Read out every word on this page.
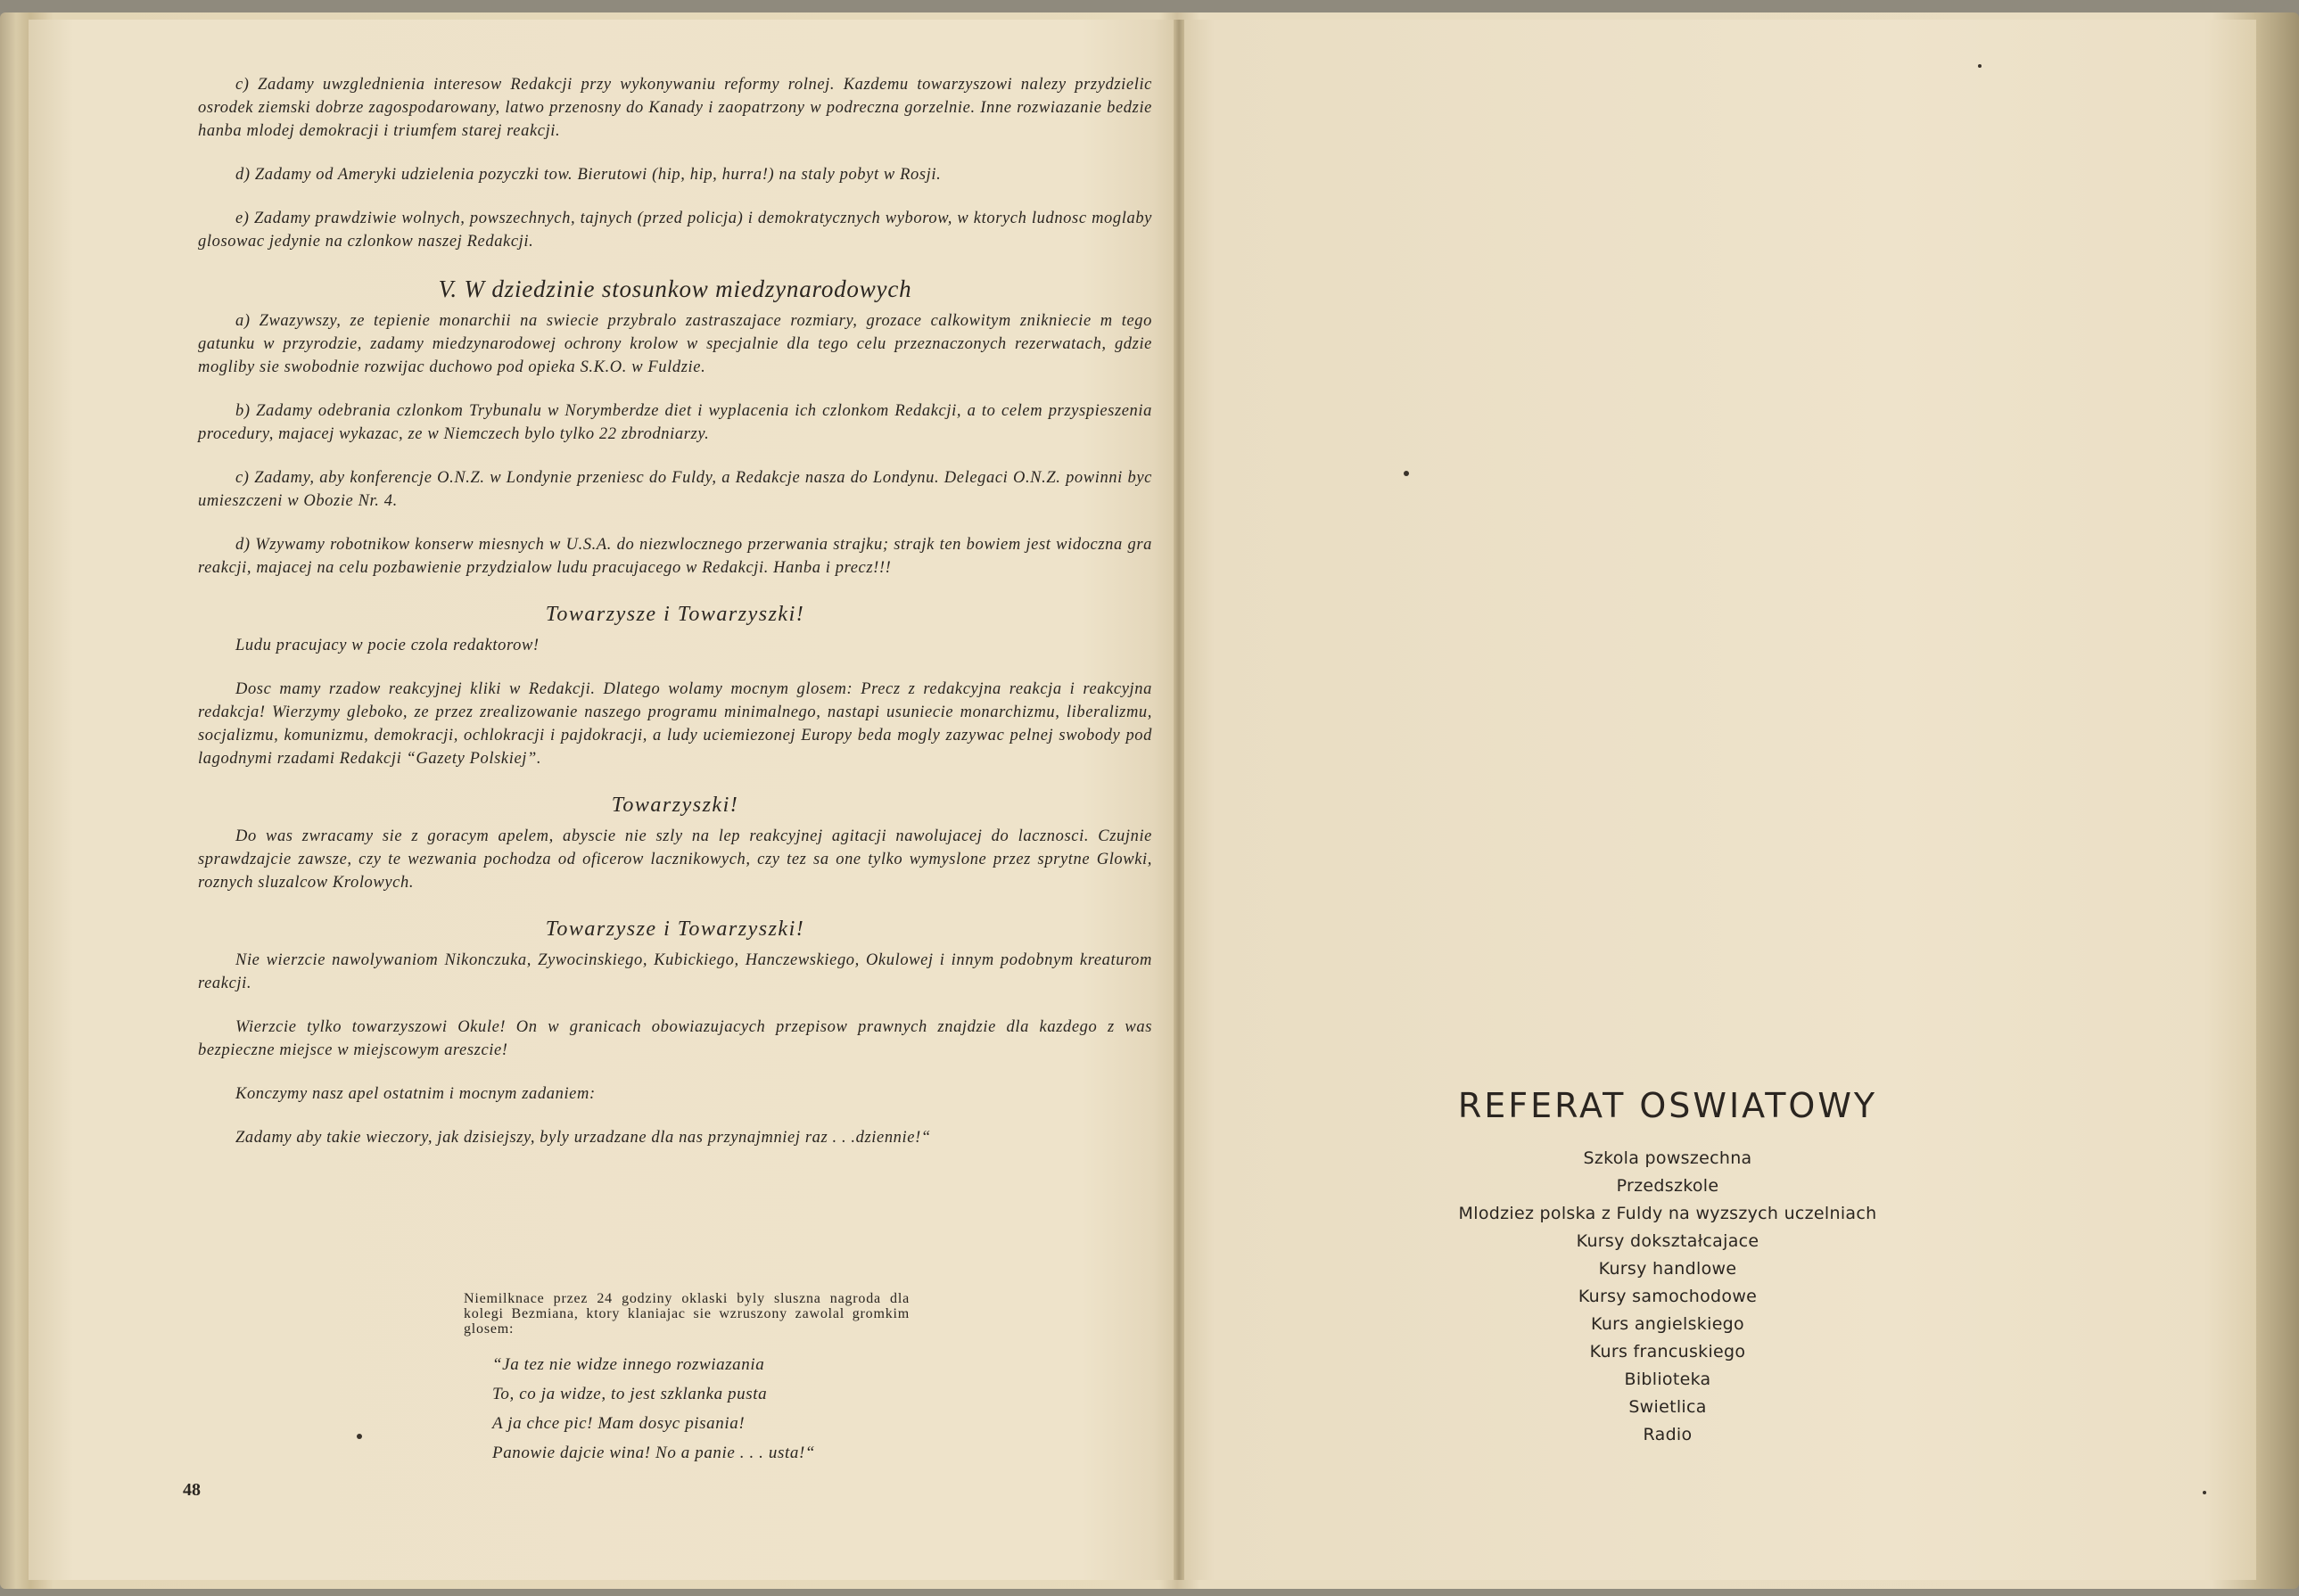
c) Zadamy uwzglednienia interesow Redakcji przy wykonywaniu reformy rolnej. Kazdemu towarzyszowi nalezy przydzielic osrodek ziemski dobrze zagospodarowany, latwo przenosny do Kanady i zaopatrzony w podreczna gorzelnie. Inne rozwiazanie bedzie hanba mlodej demokracji i triumfem starej reakcji.

d) Zadamy od Ameryki udzielenia pozyczki tow. Bierutowi (hip, hip, hurra!) na staly pobyt w Rosji.

e) Zadamy prawdziwie wolnych, powszechnych, tajnych (przed policja) i demokratycznych wyborow, w ktorych ludnosc moglaby glosowac jedynie na czlonkow naszej Redakcji.

V. W dziedzinie stosunkow miedzynarodowych

a) Zwazywszy, ze tepienie monarchii na swiecie przybralo zastraszajace rozmiary, grozace calkowitym znikniecie m tego gatunku w przyrodzie, zadamy miedzynarodowej ochrony krolow w specjalnie dla tego celu przeznaczonych rezerwatach, gdzie mogliby sie swobodnie rozwijac duchowo pod opieka S.K.O. w Fuldzie.

b) Zadamy odebrania czlonkom Trybunalu w Norymberdze diet i wyplacenia ich czlonkom Redakcji, a to celem przyspieszenia procedury, majacej wykazac, ze w Niemczech bylo tylko 22 zbrodniarzy.

c) Zadamy, aby konferencje O.N.Z. w Londynie przeniesc do Fuldy, a Redakcje nasza do Londynu. Delegaci O.N.Z. powinni byc umieszczeni w Obozie Nr. 4.

d) Wzywamy robotnikow konserw miesnych w U.S.A. do niezwlocznego przerwania strajku; strajk ten bowiem jest widoczna gra reakcji, majacej na celu pozbawienie przydzialow ludu pracujacego w Redakcji. Hanba i precz!!!

Towarzysze i Towarzyszki!

Ludu pracujacy w pocie czola redaktorow!

Dosc mamy rzadow reakcyjnej kliki w Redakcji. Dlatego wolamy mocnym glosem: Precz z redakcyjna reakcja i reakcyjna redakcja! Wierzymy gleboko, ze przez zrealizowanie naszego programu minimalnego, nastapi usuniecie monarchizmu, liberalizmu, socjalizmu, komunizmu, demokracji, ochlokracji i pajdokracji, a ludy uciemiezonej Europy beda mogly zazywac pelnej swobody pod lagodnymi rzadami Redakcji “Gazety Polskiej”.

Towarzyszki!

Do was zwracamy sie z goracym apelem, abyscie nie szly na lep reakcyjnej agitacji nawolujacej do lacznosci. Czujnie sprawdzajcie zawsze, czy te wezwania pochodza od oficerow lacznikowych, czy tez sa one tylko wymyslone przez sprytne Glowki, roznych sluzalcow Krolowych.

Towarzysze i Towarzyszki!

Nie wierzcie nawolywaniom Nikonczuka, Zywocinskiego, Kubickiego, Hanczewskiego, Okulowej i innym podobnym kreaturom reakcji.

Wierzcie tylko towarzyszowi Okule! On w granicach obowiazujacych przepisow prawnych znajdzie dla kazdego z was bezpieczne miejsce w miejscowym areszcie!

Konczymy nasz apel ostatnim i mocnym zadaniem:

Zadamy aby takie wieczory, jak dzisiejszy, byly urzadzane dla nas przynajmniej raz . . .dziennie!“

Niemilknace przez 24 godziny oklaski byly sluszna nagroda dla kolegi Bezmiana, ktory klaniajac sie wzruszony zawolal gromkim glosem:

“Ja tez nie widze innego rozwiazania
To, co ja widze, to jest szklanka pusta
A ja chce pic! Mam dosyc pisania!
Panowie dajcie wina! No a panie . . . usta!“
48
REFERAT OSWIATOWY
Szkola powszechna
Przedszkole
Mlodziez polska z Fuldy na wyzszych uczelniach
Kursy dokształcajace
Kursy handlowe
Kursy samochodowe
Kurs angielskiego
Kurs francuskiego
Biblioteka
Swietlica
Radio
